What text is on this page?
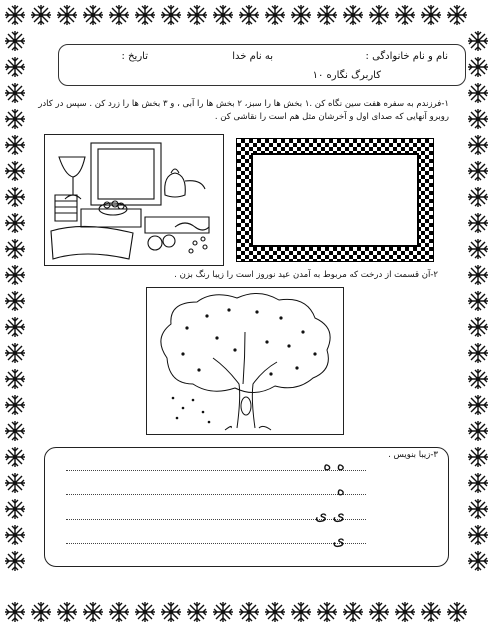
نام و نام خانوادگی :
به نام خدا
تاریخ :
کاربرگ نگاره ۱۰
۱-فرزندم به سفره هفت سین نگاه کن .۱ بخش ها را سبز، ۲ بخش ها را آبی ، و ۳ بخش ها را زرد کن . سپس در کادر
روبرو آنهایی که صدای اول و آخرشان مثل هم است را نقاشی کن .
۲-آن قسمت از درخت که مربوط به آمدن عید نوروز است را زیبا رنگ بزن .
۳-زیبا بنویس .
ه ه
ه
ی ی
ی
